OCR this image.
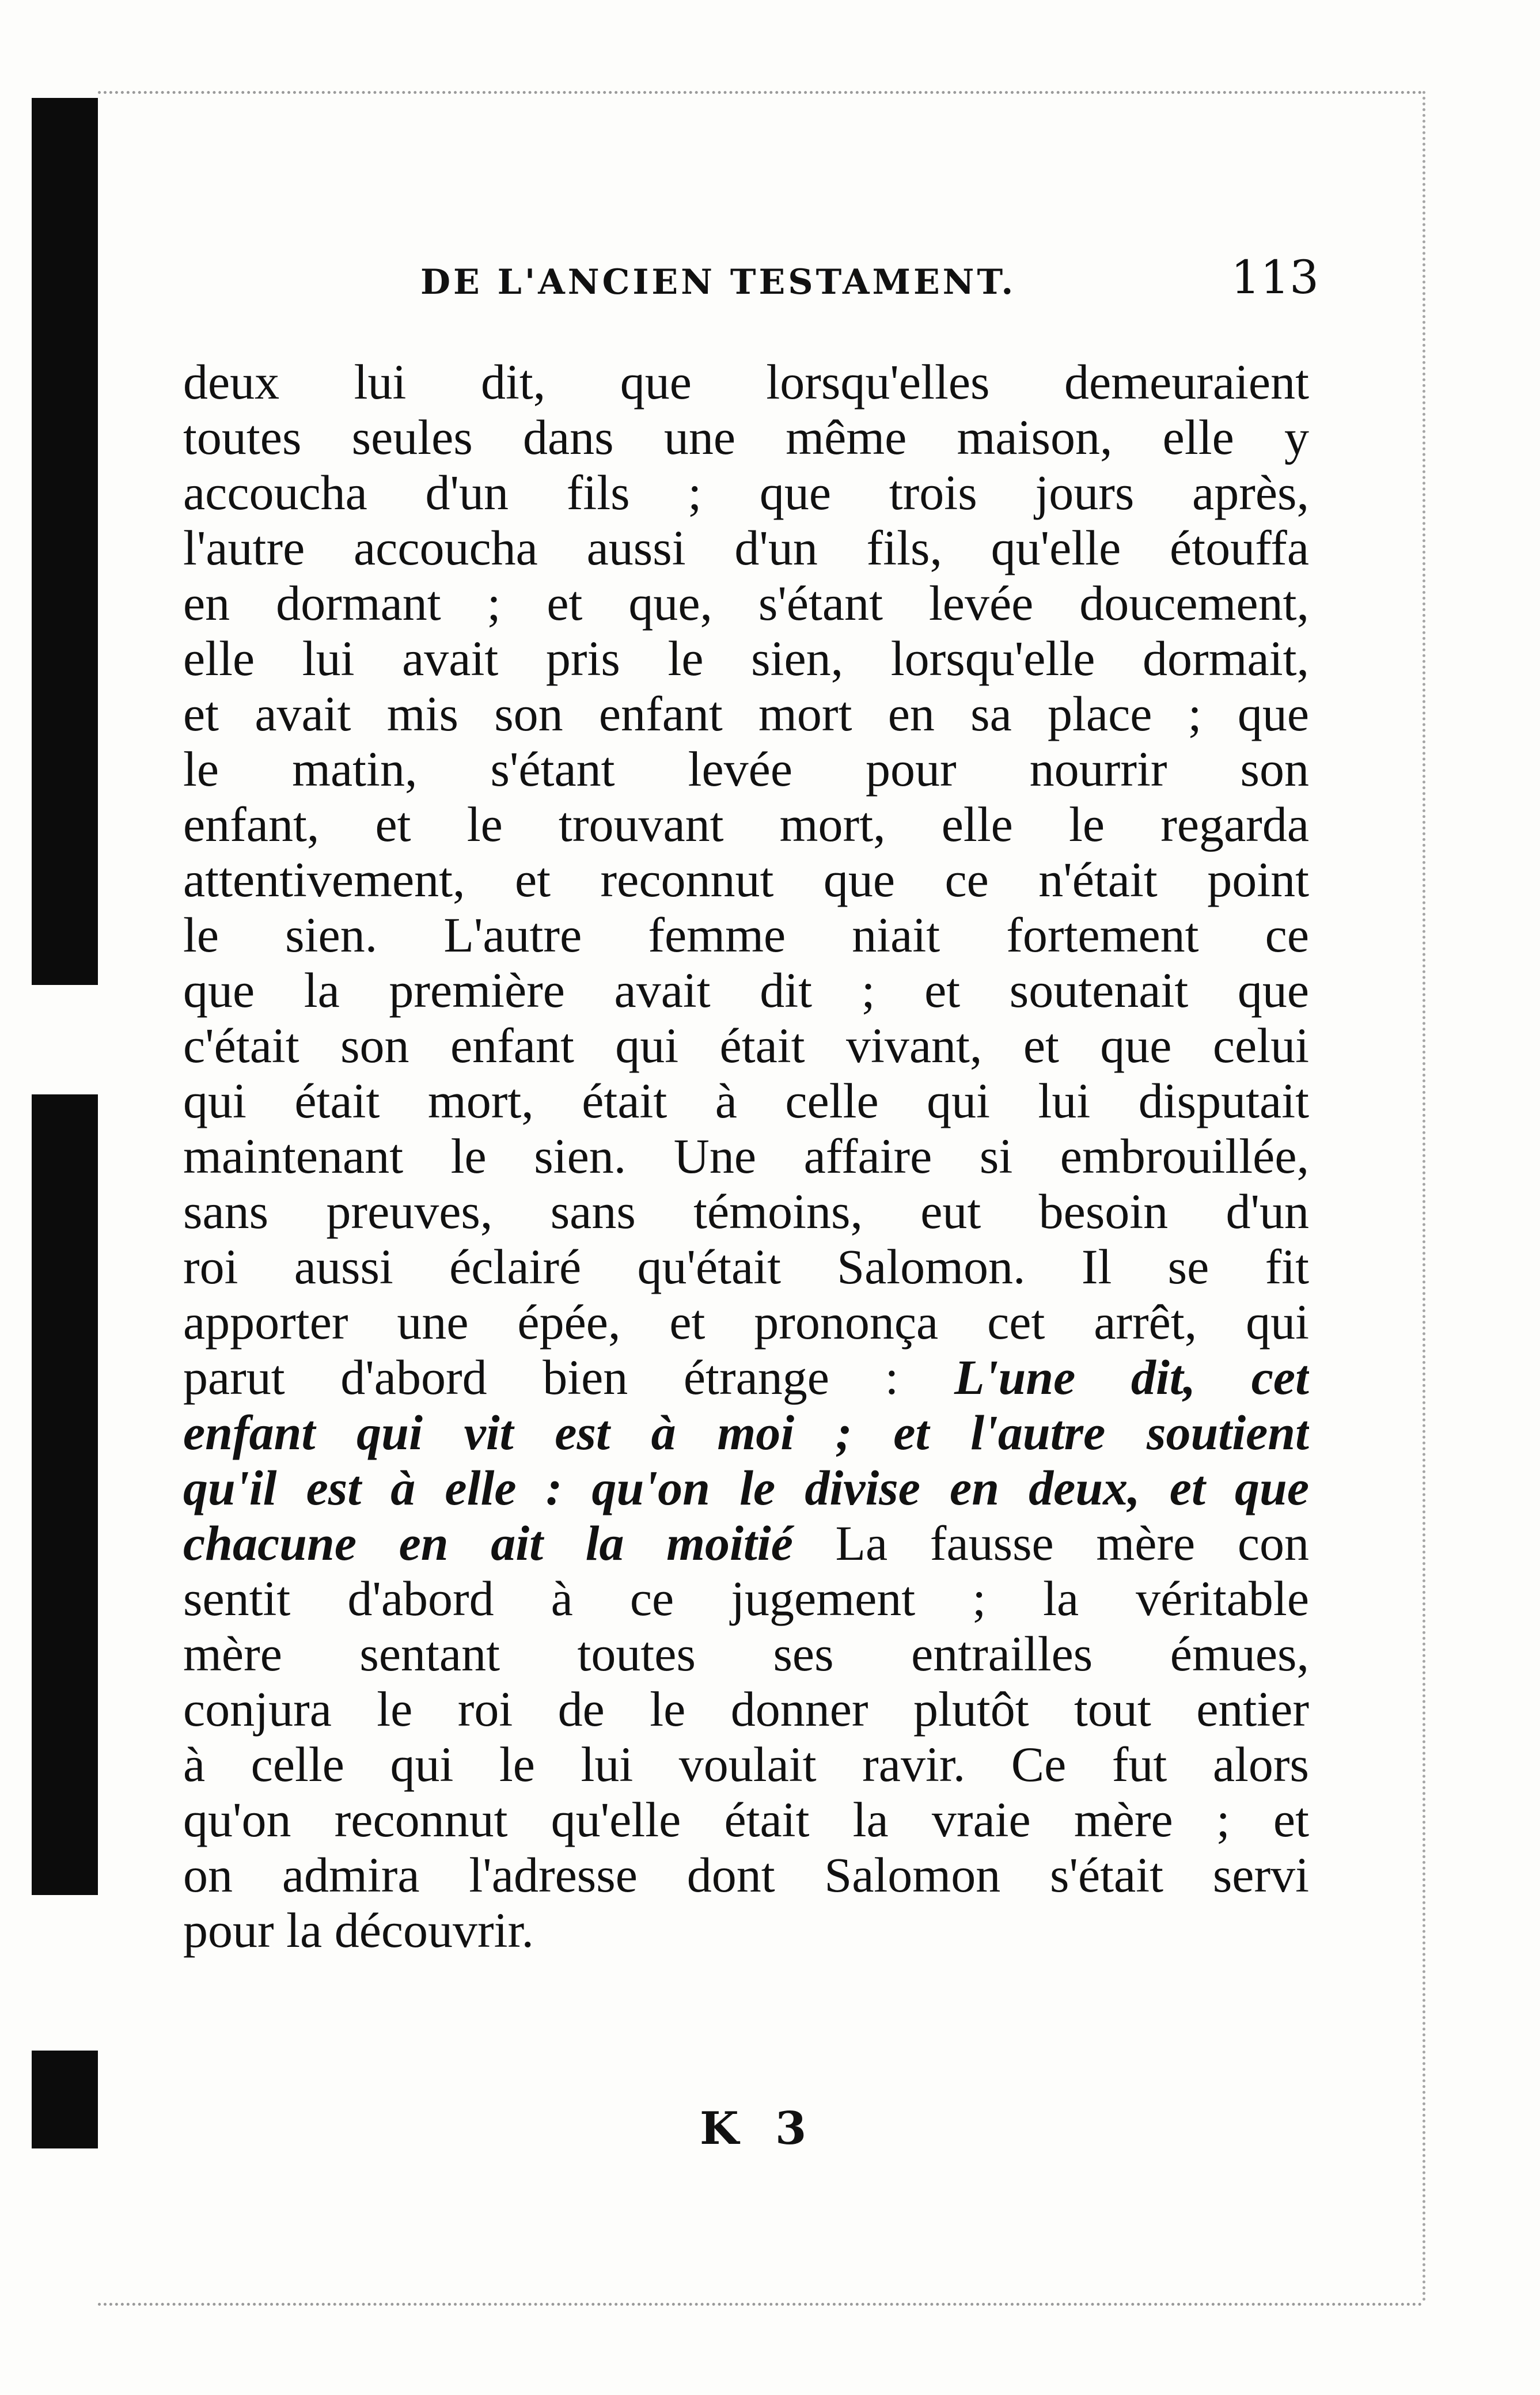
DE L'ANCIEN TESTAMENT.	113
deux lui dit, que lorsqu'elles demeuraient
toutes seules dans une même maison, elle y
accoucha d'un fils ; que trois jours après,
l'autre accoucha aussi d'un fils, qu'elle étouffa
en dormant ; et que, s'étant levée doucement,
elle lui avait pris le sien, lorsqu'elle dormait,
et avait mis son enfant mort en sa place ; que
le matin, s'étant levée pour nourrir son
enfant, et le trouvant mort, elle le regarda
attentivement, et reconnut que ce n'était point
le sien. L'autre femme niait fortement ce
que la première avait dit ; et soutenait que
c'était son enfant qui était vivant, et que celui
qui était mort, était à celle qui lui disputait
maintenant le sien. Une affaire si embrouillée,
sans preuves, sans témoins, eut besoin d'un
roi aussi éclairé qu'était Salomon. Il se fit
apporter une épée, et prononça cet arrêt, qui
parut d'abord bien étrange : L'une dit, cet
enfant qui vit est à moi ; et l'autre soutient
qu'il est à elle : qu'on le divise en deux, et que
chacune en ait la moitié La fausse mère con
sentit d'abord à ce jugement ; la véritable
mère sentant toutes ses entrailles émues,
conjura le roi de le donner plutôt tout entier
à celle qui le lui voulait ravir. Ce fut alors
qu'on reconnut qu'elle était la vraie mère ; et
on admira l'adresse dont Salomon s'était servi
pour la découvrir.
K 3
